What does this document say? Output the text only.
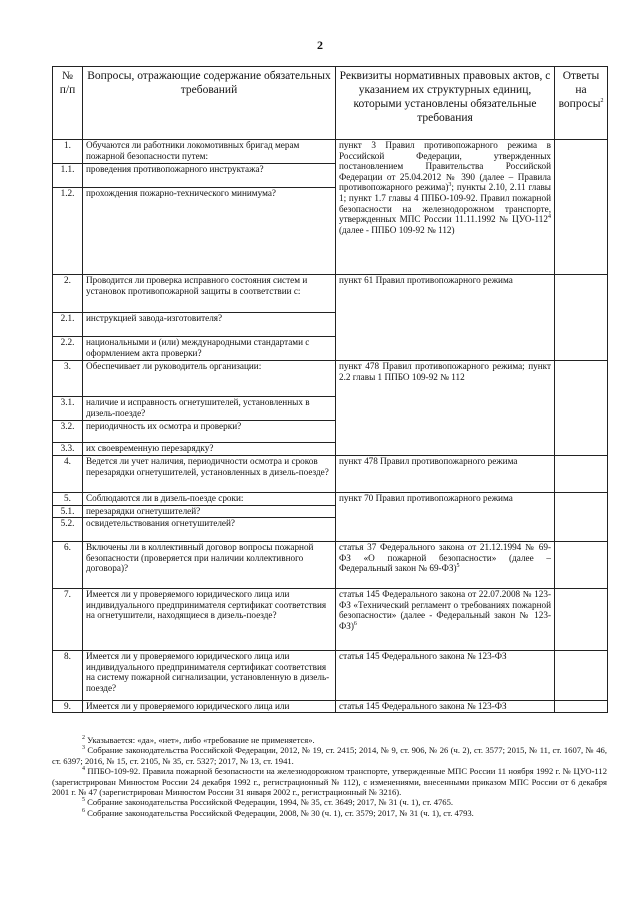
2
№ п/п	Вопросы, отражающие содержание обязательных требований	Реквизиты нормативных правовых актов, с указанием их структурных единиц, которыми установлены обязательные требования	Ответы на вопросы$^2$
1.	Обучаются ли работники локомотивных бригад мерам пожарной безопасности путем:	пункт 3 Правил противопожарного режима в Российской Федерации, утвержденных постановлением Правительства Российской Федерации от 25.04.2012 № 390 (далее – Правила противопожарного режима)$^3$; пункты 2.10, 2.11 главы 1; пункт 1.7 главы 4 ППБО-109-92. Правил пожарной безопасности на железнодорожном транспорте, утвержденных МПС России 11.11.1992 № ЦУО-$112^4$ (далее - ППБО 109-92 № 112)	
1.1.	проведения противопожарного инструктажа?		
1.2.	прохождения пожарно-технического минимума?		
2.	Проводится ли проверка исправного состояния систем и установок противопожарной защиты в соответствии с:	пункт 61 Правил противопожарного режима	
2.1.	инструкцией завода-изготовителя?		
2.2.	национальными и (или) международными стандартами с оформлением акта проверки?		
3.	Обеспечивает ли руководитель организации:	пункт 478 Правил противопожарного режима; пункт 2.2 главы 1 ППБО 109-92 № 112	
3.1.	наличие и исправность огнетушителей, установленных в дизель-поезде?		
3.2.	периодичность их осмотра и проверки?		
3.3.	их своевременную перезарядку?		
4.	Ведется ли учет наличия, периодичности осмотра и сроков перезарядки огнетушителей, установленных в дизель-поезде?	пункт 478 Правил противопожарного режима	
5.	Соблюдаются ли в дизель-поезде сроки:	пункт 70 Правил противопожарного режима	
5.1.	перезарядки огнетушителей?		
5.2.	освидетельствования огнетушителей?		
6.	Включены ли в коллективный договор вопросы пожарной безопасности (проверяется при наличии коллективного договора)?	статья 37 Федерального закона от 21.12.1994 № 69-ФЗ «О пожарной безопасности» (далее – Федеральный закон № 69-ФЗ)$^5$	
7.	Имеется ли у проверяемого юридического лица или индивидуального предпринимателя сертификат соответствия на огнетушители, находящиеся в дизель-поезде?	статья 145 Федерального закона от 22.07.2008 № 123-ФЗ «Технический регламент о требованиях пожарной безопасности» (далее - Федеральный закон № 123-ФЗ)$^6$	
8.	Имеется ли у проверяемого юридического лица или индивидуального предпринимателя сертификат соответствия на систему пожарной сигнализации, установленную в дизель-поезде?	статья 145 Федерального закона № 123-ФЗ	
9.	Имеется ли у проверяемого юридического лица или	статья 145 Федерального закона № 123-ФЗ	

$^2$ Указывается: «да», «нет», либо «требование не применяется».

$^3$ Собрание законодательства Российской Федерации, 2012, № 19, ст. 2415; 2014, № 9, ст. 906, № 26 (ч. 2), ст. 3577; 2015, № 11, ст. 1607, № 46, ст. 6397; 2016, № 15, ст. 2105, № 35, ст. 5327; 2017, № 13, ст. 1941.

$^4$ ППБО-109-92. Правила пожарной безопасности на железнодорожном транспорте, утвержденные МПС России 11 ноября 1992 г. № ЦУО-112 (зарегистрирован Минюстом России 24 декабря 1992 г., регистрационный № 112), с изменениями, внесенными приказом МПС России от 6 декабря 2001 г. № 47 (зарегистрирован Минюстом России 31 января 2002 г., регистрационный № 3216).

$^5$ Собрание законодательства Российской Федерации, 1994, № 35, ст. 3649; 2017, № 31 (ч. 1), ст. 4765.

$^6$ Собрание законодательства Российской Федерации, 2008, № 30 (ч. 1), ст. 3579; 2017, № 31 (ч. 1), ст. 4793.
